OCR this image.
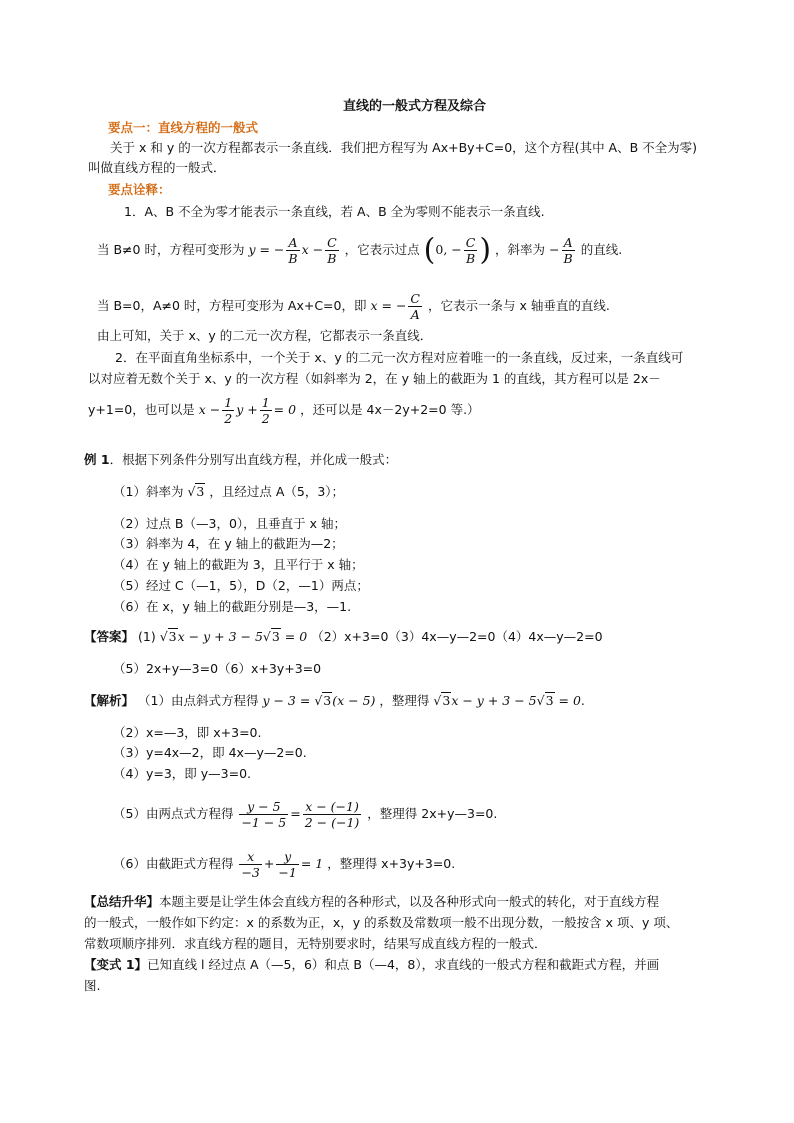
直线的一般式方程及综合
要点一：直线方程的一般式
关于 x 和 y 的一次方程都表示一条直线．我们把方程写为 Ax+By+C=0，这个方程(其中 A、B 不全为零)
叫做直线方程的一般式．
要点诠释：
1．A、B 不全为零才能表示一条直线，若 A、B 全为零则不能表示一条直线.
当 B≠0 时，方程可变形为 y = − $\frac{A}{B}$ $x - \frac{C}{B}$ ，它表示过点 (0, − $\frac{C}{B}$ ) ，斜率为 − $\frac{A}{B}$ 的直线.
当 B=0，A≠0 时，方程可变形为 Ax+C=0，即 x = − $\frac{C}{A}$ ，它表示一条与 x 轴垂直的直线.
由上可知，关于 x、y 的二元一次方程，它都表示一条直线．
2．在平面直角坐标系中，一个关于 x、y 的二元一次方程对应着唯一的一条直线，反过来，一条直线可
以对应着无数个关于 x、y 的一次方程（如斜率为 2，在 y 轴上的截距为 1 的直线，其方程可以是 2x－
y+1=0，也可以是 $x - \frac{1}{2}$ $y + \frac{1}{2} = 0$ ，还可以是 4x－2y+2=0 等.）
例 1．根据下列条件分别写出直线方程，并化成一般式：
（1）斜率为 √3 ，且经过点 A（5，3）；
（2）过点 B（—3，0），且垂直于 x 轴；
（3）斜率为 4，在 y 轴上的截距为—2；
（4）在 y 轴上的截距为 3，且平行于 x 轴；
（5）经过 C（—1，5），D（2，—1）两点；
（6）在 x，y 轴上的截距分别是—3，—1.
【答案】 (1) √3x − y + 3 − 5√3 = 0 （2）x+3=0（3）4x—y—2=0（4）4x—y—2=0
（5）2x+y—3=0（6）x+3y+3=0
【解析】 （1）由点斜式方程得 y − 3 = √3(x − 5) ，整理得 √3x − y + 3 − 5√3 = 0.
（2）x=—3，即 x+3=0.
（3）y=4x—2，即 4x—y—2=0.
（4）y=3，即 y—3=0.
（5）由两点式方程得 $\frac{y - 5}{-1 - 5} = \frac{x - (-1)}{2 - (-1)}$ ，整理得 2x+y—3=0.
（6）由截距式方程得 $\frac{x}{-3} + \frac{y}{-1} = 1$ ，整理得 x+3y+3=0.
【总结升华】本题主要是让学生体会直线方程的各种形式，以及各种形式向一般式的转化，对于直线方程
的一般式，一般作如下约定：x 的系数为正，x，y 的系数及常数项一般不出现分数，一般按含 x 项、y 项、
常数项顺序排列．求直线方程的题目，无特别要求时，结果写成直线方程的一般式．
【变式 1】已知直线 l 经过点 A（—5，6）和点 B（—4，8），求直线的一般式方程和截距式方程，并画
图.
